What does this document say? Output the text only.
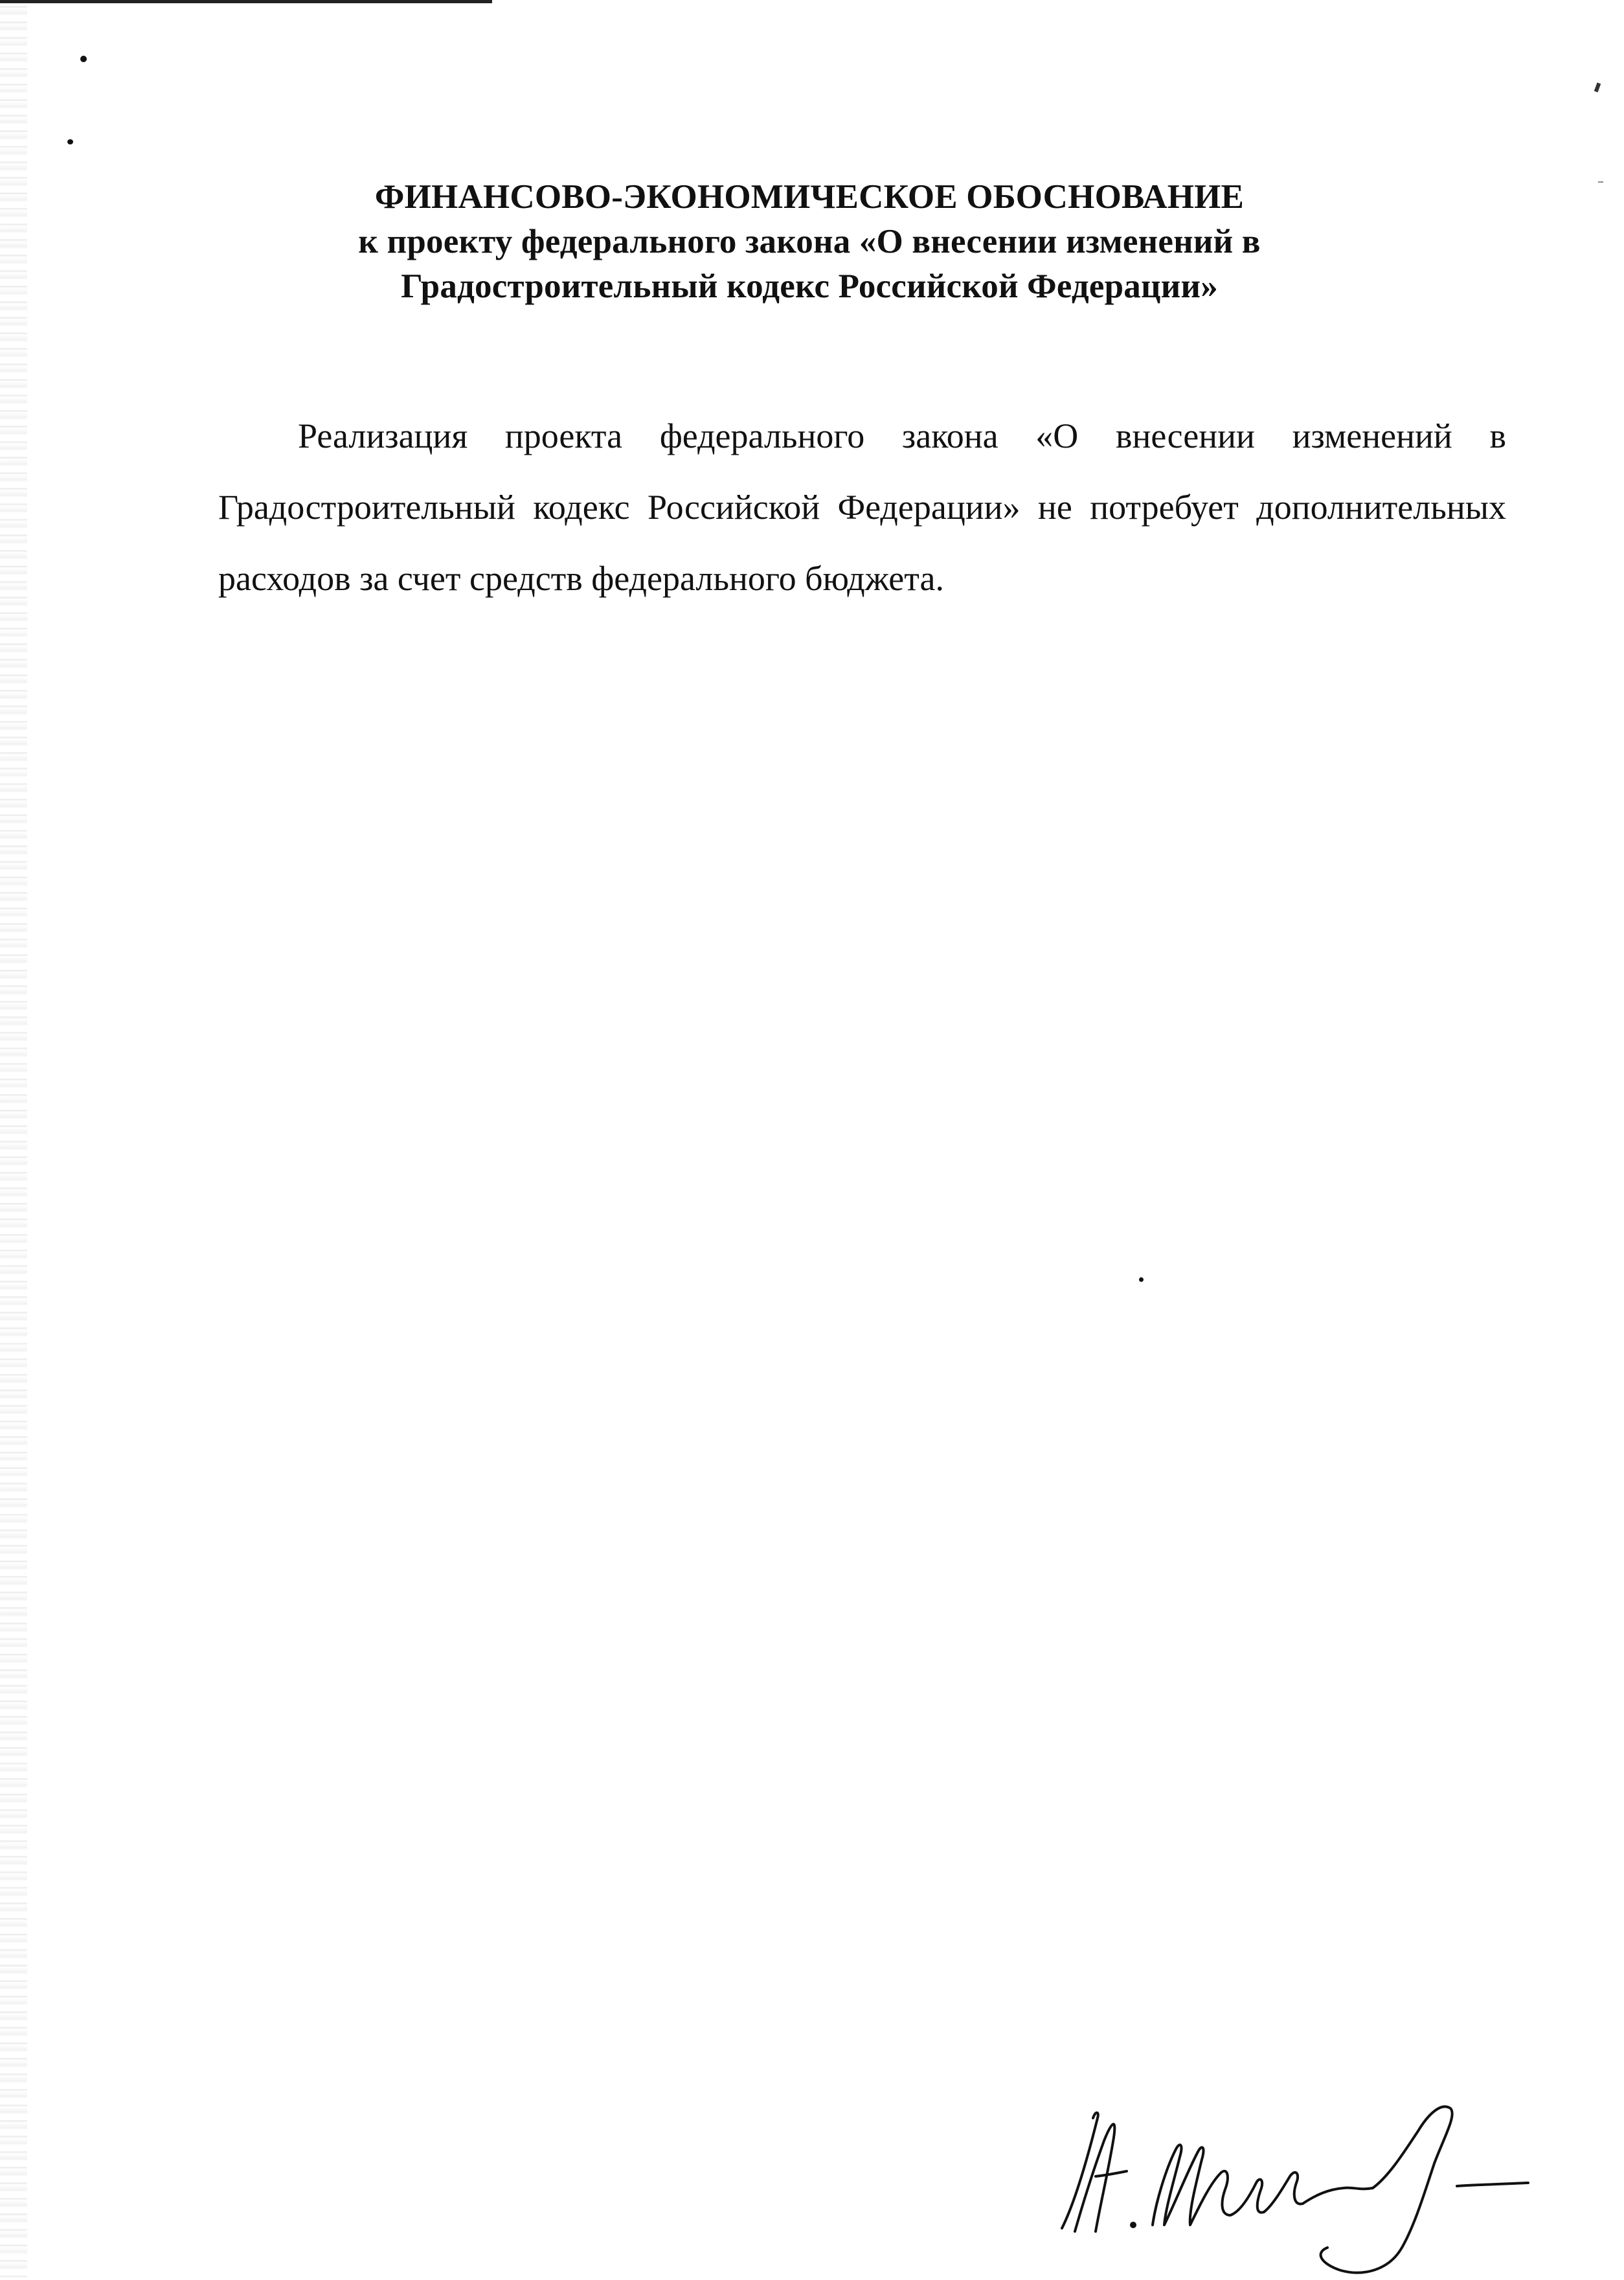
ФИНАНСОВО-ЭКОНОМИЧЕСКОЕ ОБОСНОВАНИЕ
к проекту федерального закона «О внесении изменений в
Градостроительный кодекс Российской Федерации»

Реализация проекта федерального закона «О внесении изменений в Градостроительный кодекс Российской Федерации» не потребует дополнительных расходов за счет средств федерального бюджета.
